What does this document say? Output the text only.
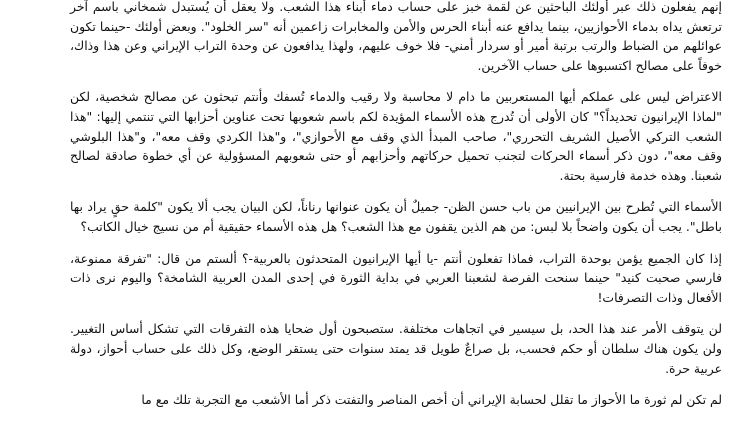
إنهم يفعلون ذلك عبر أولئك الباحثين عن لقمة خبز على حساب دماء أبناء هذا الشعب. ولا يعقل أن يُستبدل شمخاني باسم آخر ترتعش يداه بدماء الأحوازيين، بينما يدافع عنه أبناء الحرس والأمن والمخابرات زاعمين أنه "سر الخلود". وبعض أولئك -حينما تكون عوائلهم من الضباط والرتب برتبة أمير أو سردار أمني- فلا خوف عليهم، ولهذا يدافعون عن وحدة التراب الإيراني وعن هذا وذاك، خوفاً على مصالح اكتسبوها على حساب الآخرين.

الاعتراض ليس على عملكم أيها المستعربين ما دام لا محاسبة ولا رقيب والدماء تُسفك وأنتم تبحثون عن مصالح شخصية، لكن "لماذا الإيرانيون تحديداً؟" كان الأولى أن تُدرج هذه الأسماء المؤيدة لكم باسم شعوبها تحت عناوين أحزابها التي تنتمي إليها: "هذا الشعب التركي الأصيل الشريف التحرري"، صاحب المبدأ الذي وقف مع الأحوازي"، و"هذا الكردي وقف معه"، و"هذا البلوشي وقف معه"، دون ذكر أسماء الحركات لتجنب تحميل حركاتهم وأحزابهم أو حتى شعوبهم المسؤولية عن أي خطوة صادقة لصالح شعبنا. وهذه خدمة فارسية بحتة.

الأسماء التي تُطرح بين الإيرانيين من باب حسن الظن- جميلٌ أن يكون عنوانها رناناً، لكن البيان يجب ألا يكون "كلمة حقٍ يراد بها باطل". يجب أن يكون واضحاً بلا لبس: من هم الذين يقفون مع هذا الشعب؟ هل هذه الأسماء حقيقية أم من نسيج خيال الكاتب؟

إذا كان الجميع يؤمن بوحدة التراب، فماذا تفعلون أنتم -يا أيها الإيرانيون المتحدثون بالعربية-؟ ألستم من قال: "تفرقة ممنوعة، فارسي صحبت كنيد" حينما سنحت الفرصة لشعبنا العربي في بداية الثورة في إحدى المدن العربية الشامخة؟ واليوم نرى ذات الأفعال وذات التصرفات!

لن يتوقف الأمر عند هذا الحد، بل سيسير في اتجاهات مختلفة. ستصبحون أول ضحايا هذه التفرقات التي تشكل أساس التغيير. ولن يكون هناك سلطان أو حكم فحسب، بل صراعٌ طويل قد يمتد سنوات حتى يستقر الوضع، وكل ذلك على حساب أحواز، دولة عربية حرة.

لم تكن لم ثورة ما الأحواز ما تقلل لحسابة الإيراني أن أخص المناصر والتفتت ذكر أما الأشعب مع التجربة تلك مع ما
